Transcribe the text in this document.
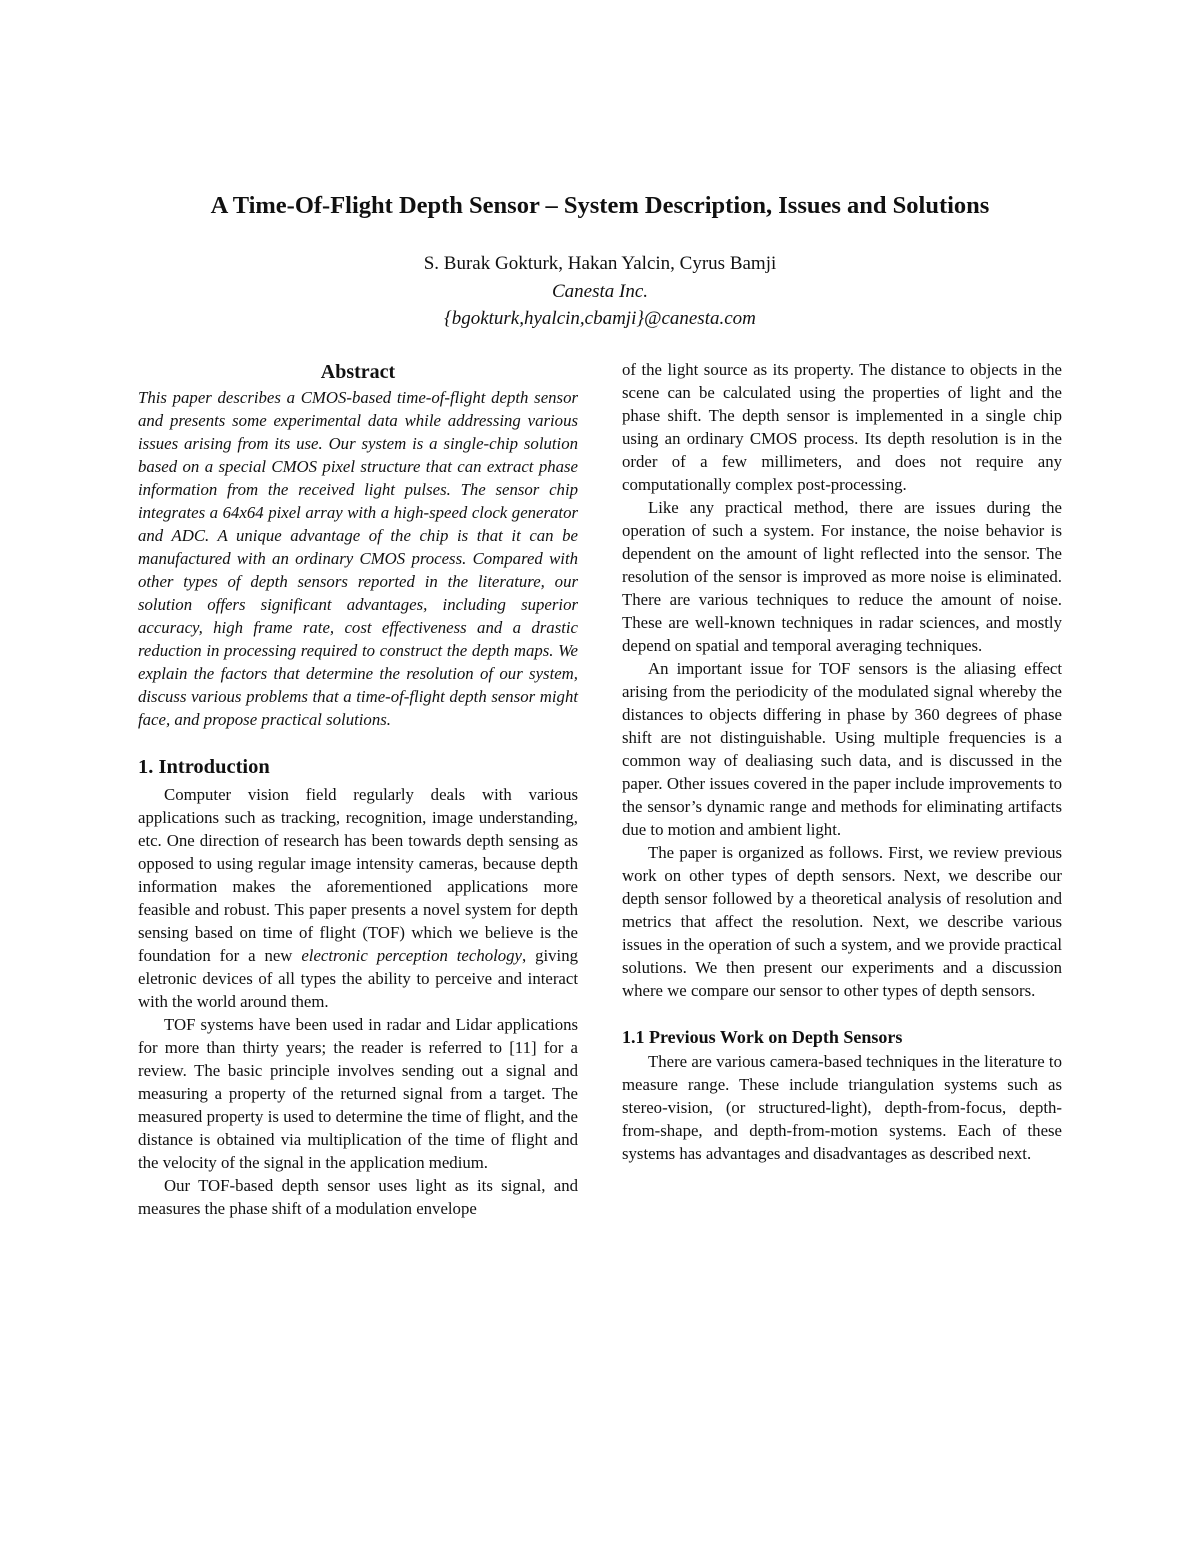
A Time-Of-Flight Depth Sensor – System Description, Issues and Solutions
S. Burak Gokturk, Hakan Yalcin, Cyrus Bamji
Canesta Inc.
{bgokturk,hyalcin,cbamji}@canesta.com
Abstract

This paper describes a CMOS-based time-of-flight depth sensor and presents some experimental data while addressing various issues arising from its use. Our system is a single-chip solution based on a special CMOS pixel structure that can extract phase information from the received light pulses. The sensor chip integrates a 64x64 pixel array with a high-speed clock generator and ADC. A unique advantage of the chip is that it can be manufactured with an ordinary CMOS process. Compared with other types of depth sensors reported in the literature, our solution offers significant advantages, including superior accuracy, high frame rate, cost effectiveness and a drastic reduction in processing required to construct the depth maps. We explain the factors that determine the resolution of our system, discuss various problems that a time-of-flight depth sensor might face, and propose practical solutions.

1. Introduction

Computer vision field regularly deals with various applications such as tracking, recognition, image understanding, etc. One direction of research has been towards depth sensing as opposed to using regular image intensity cameras, because depth information makes the aforementioned applications more feasible and robust. This paper presents a novel system for depth sensing based on time of flight (TOF) which we believe is the foundation for a new electronic perception techology, giving eletronic devices of all types the ability to perceive and interact with the world around them.

TOF systems have been used in radar and Lidar applications for more than thirty years; the reader is referred to [11] for a review. The basic principle involves sending out a signal and measuring a property of the returned signal from a target. The measured property is used to determine the time of flight, and the distance is obtained via multiplication of the time of flight and the velocity of the signal in the application medium.

Our TOF-based depth sensor uses light as its signal, and measures the phase shift of a modulation envelope

of the light source as its property. The distance to objects in the scene can be calculated using the properties of light and the phase shift. The depth sensor is implemented in a single chip using an ordinary CMOS process. Its depth resolution is in the order of a few millimeters, and does not require any computationally complex post-processing.

Like any practical method, there are issues during the operation of such a system. For instance, the noise behavior is dependent on the amount of light reflected into the sensor. The resolution of the sensor is improved as more noise is eliminated. There are various techniques to reduce the amount of noise. These are well-known techniques in radar sciences, and mostly depend on spatial and temporal averaging techniques.

An important issue for TOF sensors is the aliasing effect arising from the periodicity of the modulated signal whereby the distances to objects differing in phase by 360 degrees of phase shift are not distinguishable. Using multiple frequencies is a common way of dealiasing such data, and is discussed in the paper. Other issues covered in the paper include improvements to the sensor’s dynamic range and methods for eliminating artifacts due to motion and ambient light.

The paper is organized as follows. First, we review previous work on other types of depth sensors. Next, we describe our depth sensor followed by a theoretical analysis of resolution and metrics that affect the resolution. Next, we describe various issues in the operation of such a system, and we provide practical solutions. We then present our experiments and a discussion where we compare our sensor to other types of depth sensors.

1.1 Previous Work on Depth Sensors

There are various camera-based techniques in the literature to measure range. These include triangulation systems such as stereo-vision, (or structured-light), depth-from-focus, depth-from-shape, and depth-from-motion systems. Each of these systems has advantages and disadvantages as described next.
